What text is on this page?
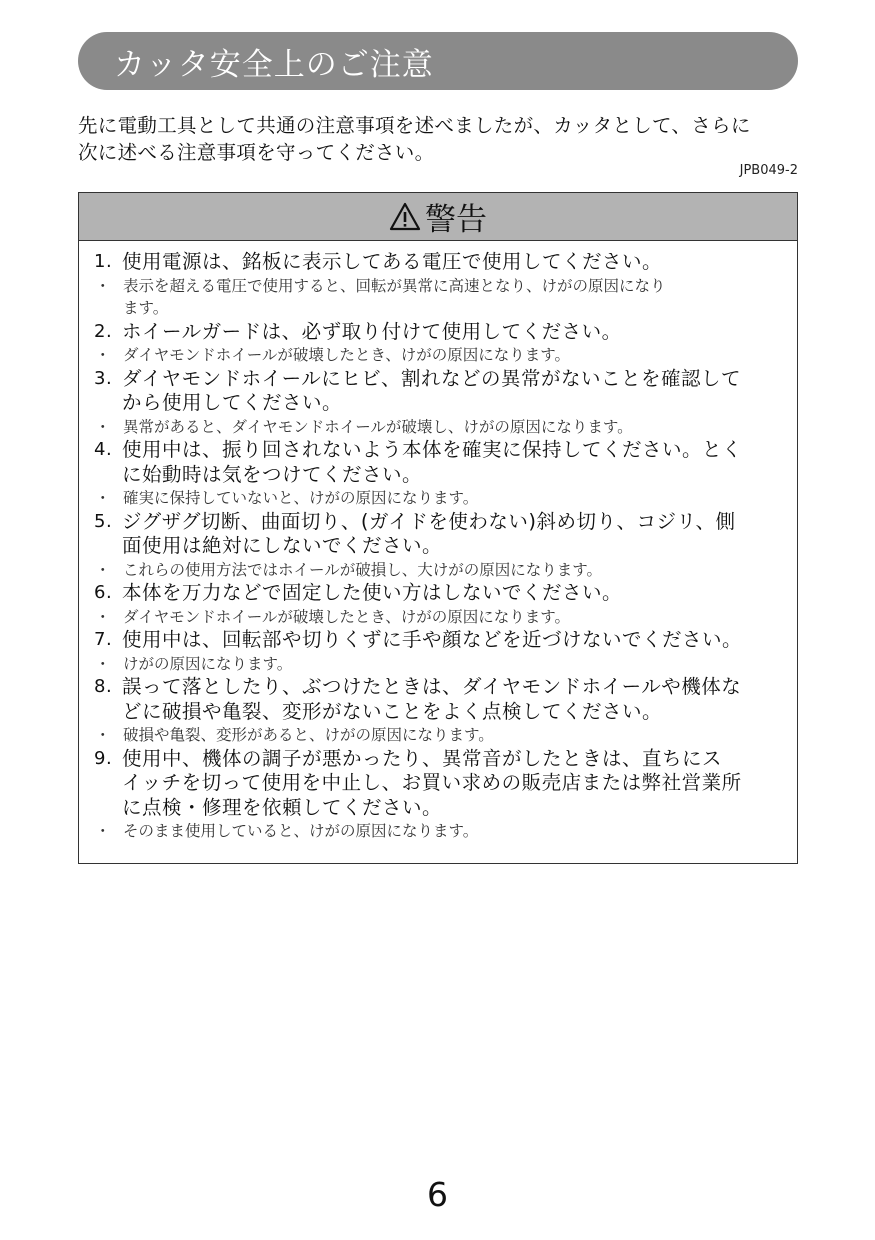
カッタ安全上のご注意
先に電動工具として共通の注意事項を述べましたが、カッタとして、さらに
次に述べる注意事項を守ってください。
JPB049-2
警告
1. 使用電源は、銘板に表示してある電圧で使用してください。
・ 表示を超える電圧で使用すると、回転が異常に高速となり、けがの原因になり
ます。
2. ホイールガードは、必ず取り付けて使用してください。
・ ダイヤモンドホイールが破壊したとき、けがの原因になります。
3. ダイヤモンドホイールにヒビ、割れなどの異常がないことを確認して
から使用してください。
・ 異常があると、ダイヤモンドホイールが破壊し、けがの原因になります。
4. 使用中は、振り回されないよう本体を確実に保持してください。とく
に始動時は気をつけてください。
・ 確実に保持していないと、けがの原因になります。
5. ジグザグ切断、曲面切り、(ガイドを使わない)斜め切り、コジリ、側
面使用は絶対にしないでください。
・ これらの使用方法ではホイールが破損し、大けがの原因になります。
6. 本体を万力などで固定した使い方はしないでください。
・ ダイヤモンドホイールが破壊したとき、けがの原因になります。
7. 使用中は、回転部や切りくずに手や顔などを近づけないでください。
・ けがの原因になります。
8. 誤って落としたり、ぶつけたときは、ダイヤモンドホイールや機体な
どに破損や亀裂、変形がないことをよく点検してください。
・ 破損や亀裂、変形があると、けがの原因になります。
9. 使用中、機体の調子が悪かったり、異常音がしたときは、直ちにス
イッチを切って使用を中止し、お買い求めの販売店または弊社営業所
に点検・修理を依頼してください。
・ そのまま使用していると、けがの原因になります。
6
